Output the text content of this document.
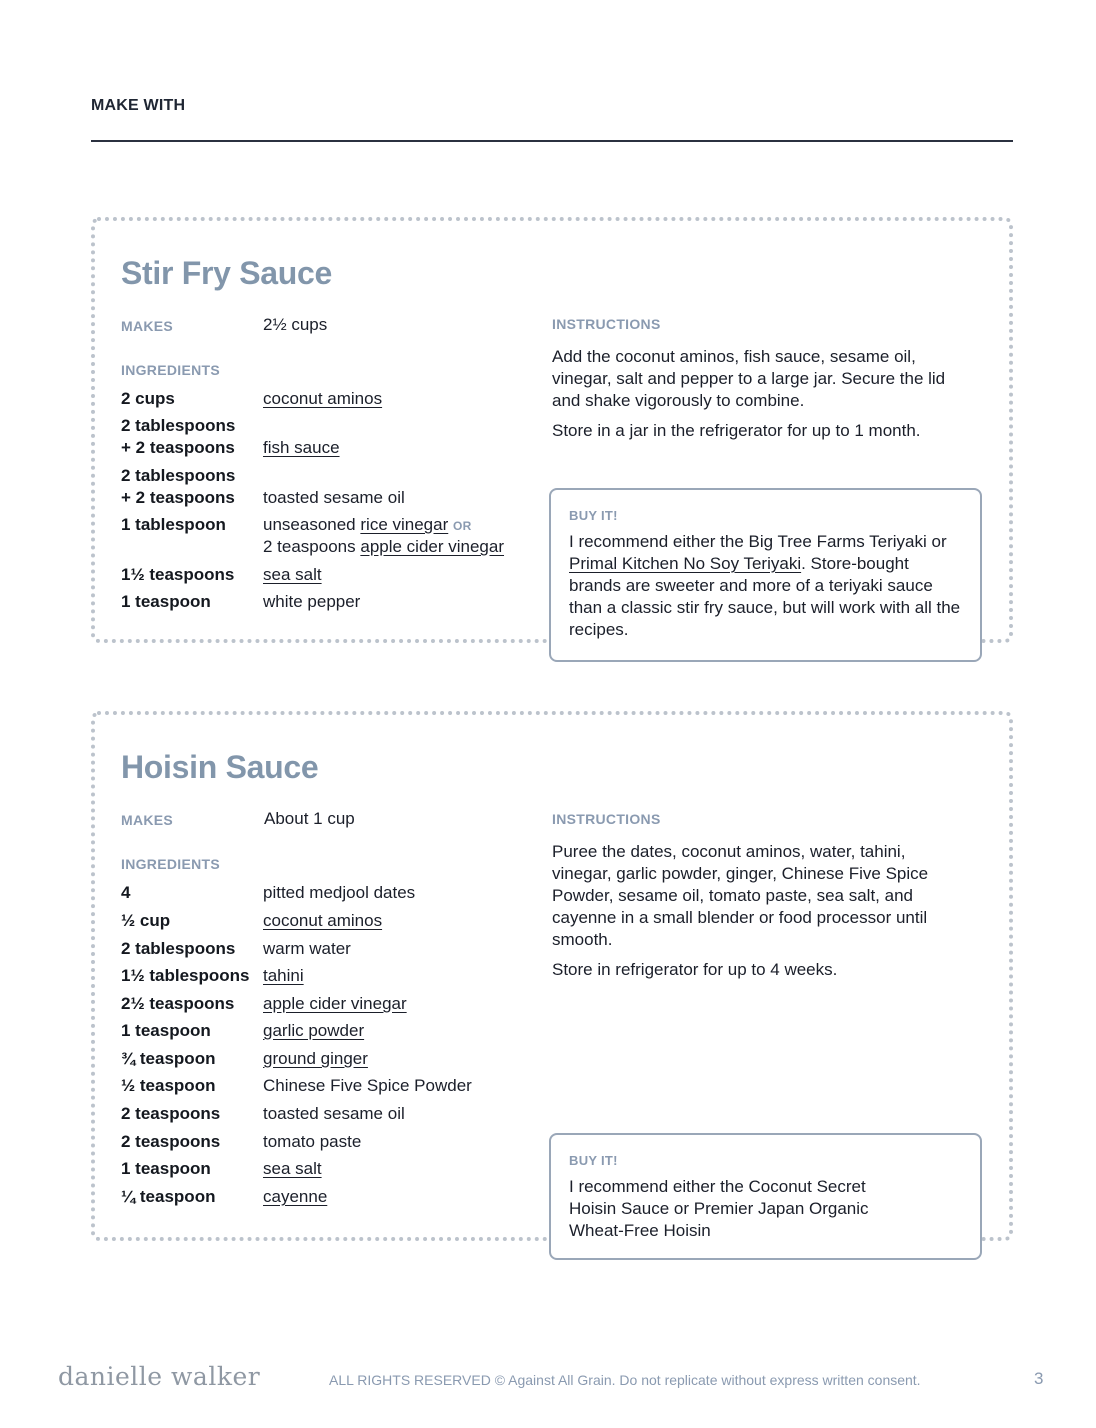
MAKE WITH
Stir Fry Sauce
MAKES	2½ cups
INGREDIENTS
2 cups	coconut aminos
2 tablespoons
+ 2 teaspoons fish sauce
2 tablespoons
+ 2 teaspoons toasted sesame oil
1 tablespoon unseasoned rice vinegar OR
2 teaspoons apple cider vinegar
1½ teaspoons sea salt
1 teaspoon	white pepper
INSTRUCTIONS

Add the coconut aminos, fish sauce, sesame oil, vinegar, salt and pepper to a large jar. Secure the lid and shake vigorously to combine.

Store in a jar in the refrigerator for up to 1 month.

BUY IT!
I recommend either the Big Tree Farms Teriyaki or Primal Kitchen No Soy Teriyaki. Store-bought brands are sweeter and more of a teriyaki sauce than a classic stir fry sauce, but will work with all the recipes.
Hoisin Sauce
MAKES	About 1 cup
INGREDIENTS
4	pitted medjool dates
½ cup	coconut aminos
2 tablespoons warm water
1½ tablespoons tahini
2½ teaspoons apple cider vinegar
1 teaspoon	garlic powder
¾ teaspoon	ground ginger
½ teaspoon	Chinese Five Spice Powder
2 teaspoons	toasted sesame oil
2 teaspoons	tomato paste
1 teaspoon	sea salt
¼ teaspoon	cayenne
INSTRUCTIONS

Puree the dates, coconut aminos, water, tahini, vinegar, garlic powder, ginger, Chinese Five Spice Powder, sesame oil, tomato paste, sea salt, and cayenne in a small blender or food processor until smooth.

Store in refrigerator for up to 4 weeks.

BUY IT!
I recommend either the Coconut Secret Hoisin Sauce or Premier Japan Organic Wheat-Free Hoisin
danielle walker	ALL RIGHTS RESERVED © Against All Grain. Do not replicate without express written consent.	3
